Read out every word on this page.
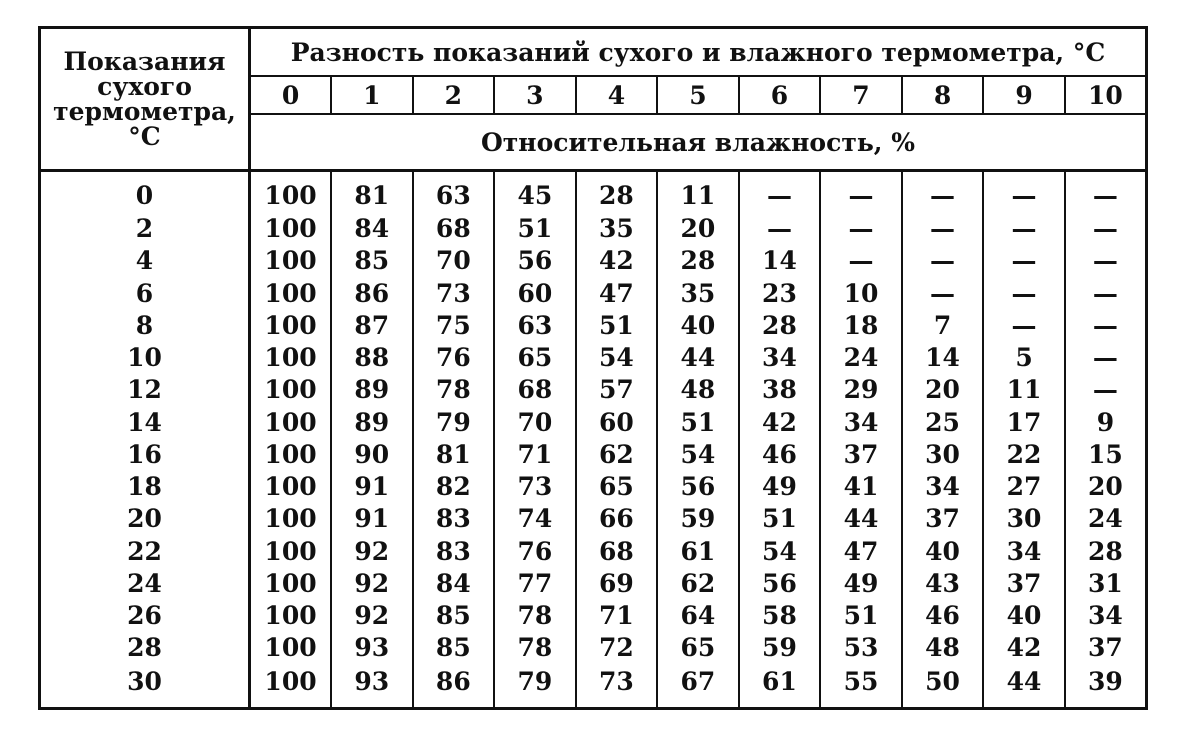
Показания
сухого
термометра,
°C	Разность показаний сухого и влажного термометра, °C										
	0	1	2	3	4	5	6	7	8	9	10
	Относительная влажность, %										
0	100	81	63	45	28	11	—	—	—	—	—
2	100	84	68	51	35	20	—	—	—	—	—
4	100	85	70	56	42	28	14	—	—	—	—
6	100	86	73	60	47	35	23	10	—	—	—
8	100	87	75	63	51	40	28	18	7	—	—
10	100	88	76	65	54	44	34	24	14	5	—
12	100	89	78	68	57	48	38	29	20	11	—
14	100	89	79	70	60	51	42	34	25	17	9
16	100	90	81	71	62	54	46	37	30	22	15
18	100	91	82	73	65	56	49	41	34	27	20
20	100	91	83	74	66	59	51	44	37	30	24
22	100	92	83	76	68	61	54	47	40	34	28
24	100	92	84	77	69	62	56	49	43	37	31
26	100	92	85	78	71	64	58	51	46	40	34
28	100	93	85	78	72	65	59	53	48	42	37
30	100	93	86	79	73	67	61	55	50	44	39
